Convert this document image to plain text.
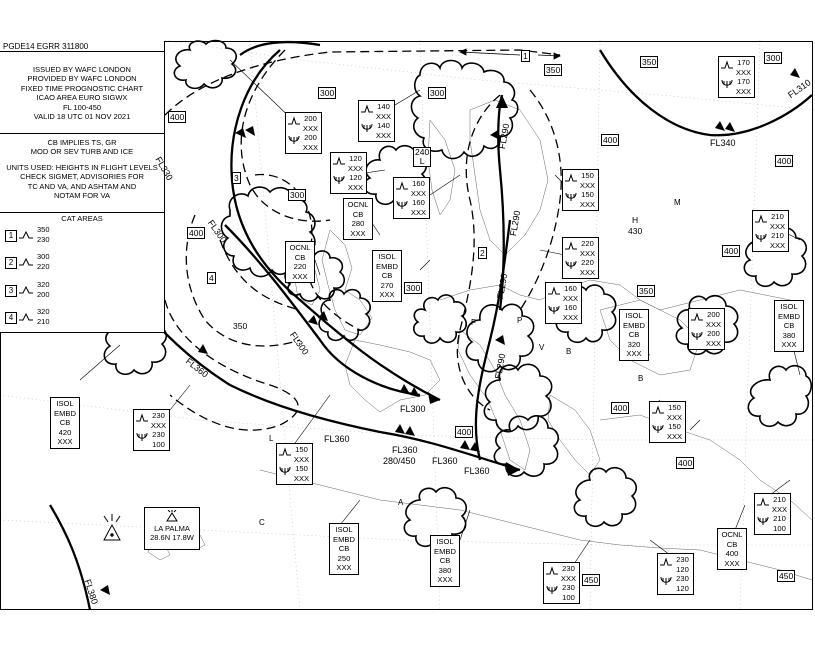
PGDE14 EGRR 311800
ISSUED BY WAFC LONDON
PROVIDED BY WAFC LONDON
FIXED TIME PROGNOSTIC CHART
ICAO AREA EURO SIGWX
FL 100-450
VALID 18 UTC 01 NOV 2021
CB IMPLIES TS, GR
MOD OR SEV TURB AND ICE
UNITS USED: HEIGHTS IN FLIGHT LEVELS
CHECK SIGMET, ADVISORIES FOR
TC AND VA, AND ASHTAM AND
NOTAM FOR VA
CAT AREAS
1
350
230
2
300
220
3
320
200
4
320
210
FL330
FL300
FL300
FL360
FL300
FL360
FL360
280/450 FL360
FL360
FL290
FL290
FL290
FL290
FL340
FL310
FL380
350
350	300
300	300
300
400
400
300
400
400
400
400
400
400
450	450
350
350
240
L
H
430
1
2
3
4
OCNL
CB
280
XXX
OCNL
CB
220
XXX
ISOL
EMBD
CB
270
XXX
ISOL
EMBD
CB
320
XXX
ISOL
EMBD
CB
380
XXX
ISOL
EMBD
CB
420
XXX
ISOL
EMBD
CB
250
XXX
ISOL
EMBD
CB
380
XXX
OCNL
CB
400
XXX
200
XXX
200
XXX
140
XXX
140
XXX
120
XXX
120
XXX	160
XXX
160
XXX
170
XXX
170
XXX
150
XXX
150
XXX
210
XXX
210
XXX
220
XXX
220
XXX
160
XXX
160
XXX	200
XXX
200
XXX
150
XXX
150
XXX
230
XXX
230
100
150
XXX
150
XXX
230
XXX
230
100
230
120
230
120
210
XXX
210
100
LA PALMA
28.6N 17.8W
M
B
B
P
C
A
L
V
F
